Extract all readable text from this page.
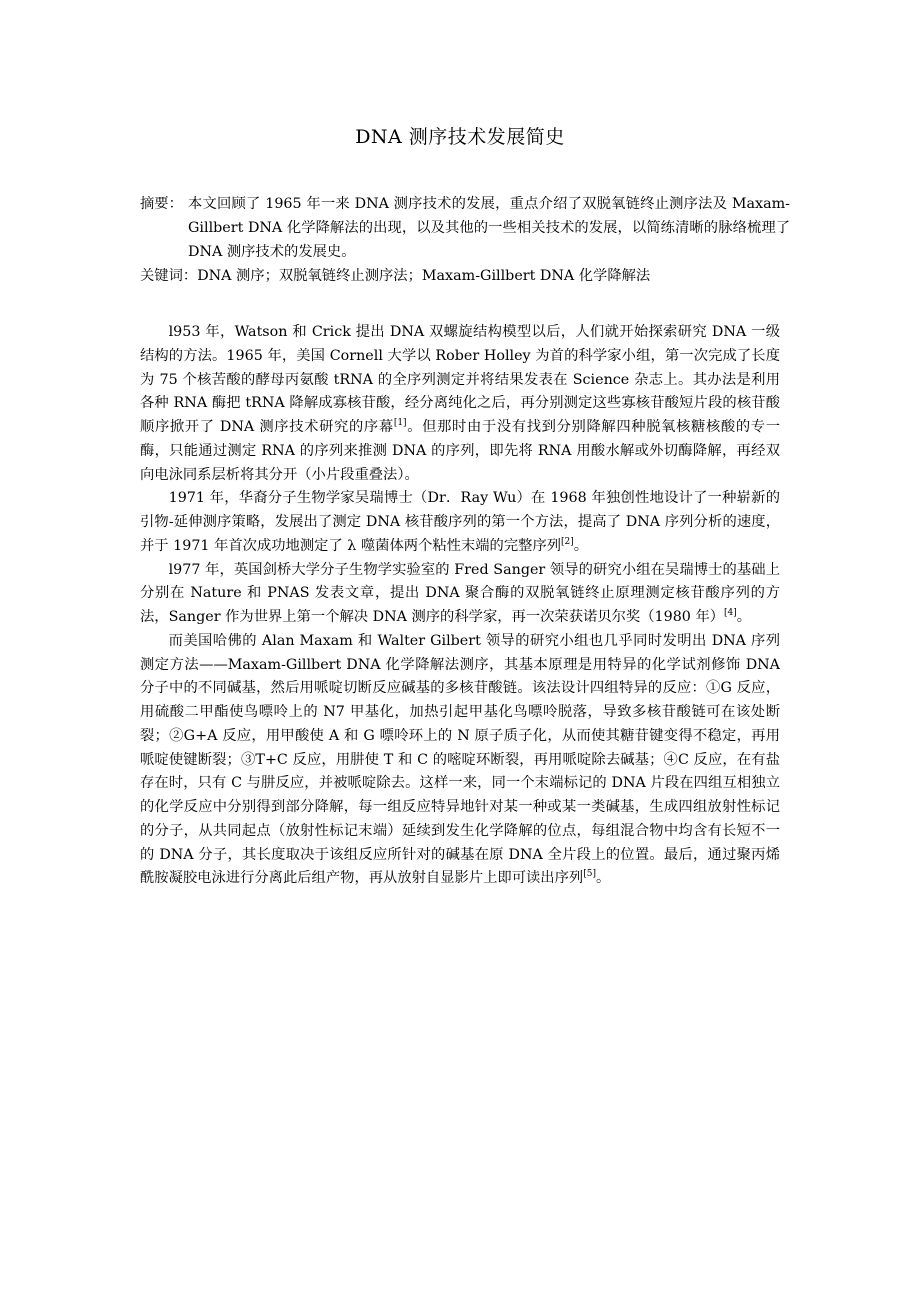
DNA 测序技术发展简史
摘要： 本文回顾了 1965 年一来 DNA 测序技术的发展，重点介绍了双脱氧链终止测序法及 Maxam-Gillbert DNA 化学降解法的出现，以及其他的一些相关技术的发展，以简练清晰的脉络梳理了 DNA 测序技术的发展史。
关键词：DNA 测序；双脱氧链终止测序法；Maxam-Gillbert DNA 化学降解法

l953 年，Watson 和 Crick 提出 DNA 双螺旋结构模型以后，人们就开始探索研究 DNA 一级结构的方法。1965 年，美国 Cornell 大学以 Rober Holley 为首的科学家小组，第一次完成了长度为 75 个核苦酸的酵母丙氨酸 tRNA 的全序列测定并将结果发表在 Science 杂志上。其办法是利用各种 RNA 酶把 tRNA 降解成寡核苷酸，经分离纯化之后，再分别测定这些寡核苷酸短片段的核苷酸顺序掀开了 DNA 测序技术研究的序幕[1]。但那时由于没有找到分别降解四种脱氧核糖核酸的专一酶，只能通过测定 RNA 的序列来推测 DNA 的序列，即先将 RNA 用酸水解或外切酶降解，再经双向电泳同系层析将其分开（小片段重叠法）。

1971 年，华裔分子生物学家吴瑞博士（Dr．Ray Wu）在 1968 年独创性地设计了一种崭新的引物-延伸测序策略，发展出了测定 DNA 核苷酸序列的第一个方法，提高了 DNA 序列分析的速度，并于 1971 年首次成功地测定了 λ 噬菌体两个粘性末端的完整序列[2]。

l977 年，英国剑桥大学分子生物学实验室的 Fred Sanger 领导的研究小组在吴瑞博士的基础上分别在 Nature 和 PNAS 发表文章，提出 DNA 聚合酶的双脱氧链终止原理测定核苷酸序列的方法，Sanger 作为世界上第一个解决 DNA 测序的科学家，再一次荣获诺贝尔奖（1980 年）[4]。

而美国哈佛的 Alan Maxam 和 Walter Gilbert 领导的研究小组也几乎同时发明出 DNA 序列测定方法——Maxam-Gillbert DNA 化学降解法测序，其基本原理是用特异的化学试剂修饰 DNA 分子中的不同碱基，然后用哌啶切断反应碱基的多核苷酸链。该法设计四组特异的反应：①G 反应，用硫酸二甲酯使鸟嘌呤上的 N7 甲基化，加热引起甲基化鸟嘌呤脱落，导致多核苷酸链可在该处断裂；②G+A 反应，用甲酸使 A 和 G 嘌呤环上的 N 原子质子化，从而使其糖苷键变得不稳定，再用哌啶使键断裂；③T+C 反应，用肼使 T 和 C 的嘧啶环断裂，再用哌啶除去碱基；④C 反应，在有盐存在时，只有 C 与肼反应，并被哌啶除去。这样一来，同一个末端标记的 DNA 片段在四组互相独立的化学反应中分别得到部分降解，每一组反应特异地针对某一种或某一类碱基，生成四组放射性标记的分子，从共同起点（放射性标记末端）延续到发生化学降解的位点，每组混合物中均含有长短不一的 DNA 分子，其长度取决于该组反应所针对的碱基在原 DNA 全片段上的位置。最后，通过聚丙烯酰胺凝胶电泳进行分离此后组产物，再从放射自显影片上即可读出序列[5]。
